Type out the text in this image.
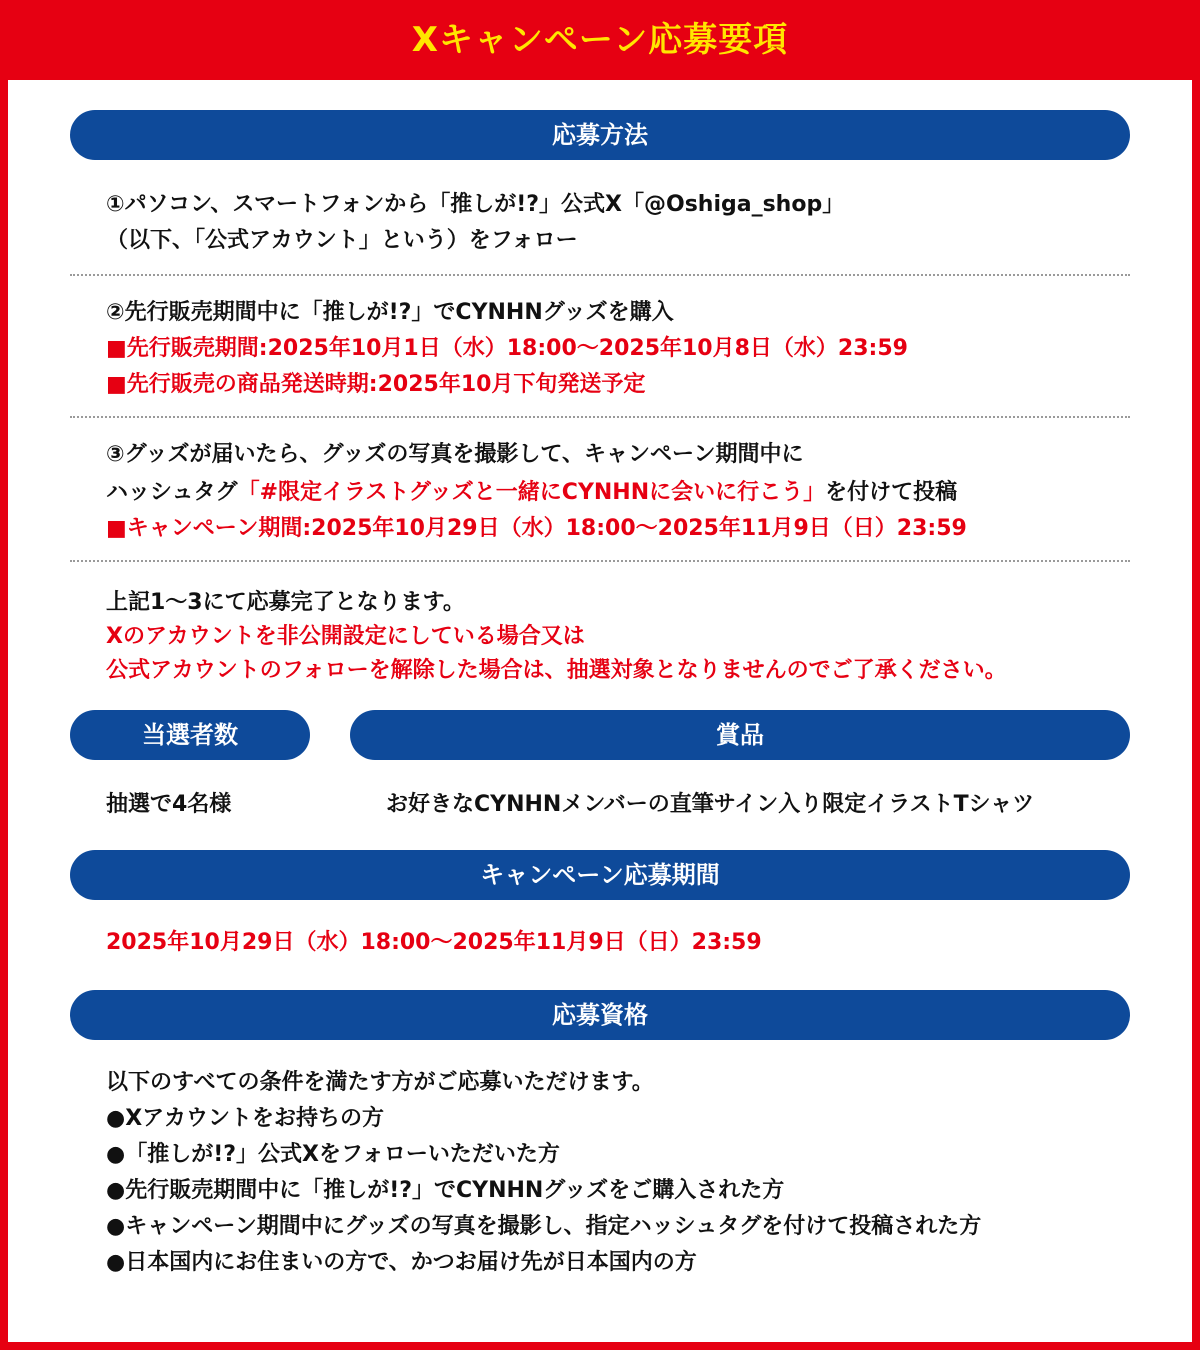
Xキャンペーン応募要項
応募方法
①パソコン、スマートフォンから「推しが!?」公式X「@Oshiga_shop」
（以下、「公式アカウント」という）をフォロー
②先行販売期間中に「推しが!?」でCYNHNグッズを購入
■先行販売期間:2025年10月1日（水）18:00〜2025年10月8日（水）23:59
■先行販売の商品発送時期:2025年10月下旬発送予定
③グッズが届いたら、グッズの写真を撮影して、キャンペーン期間中に
ハッシュタグ「#限定イラストグッズと一緒にCYNHNに会いに行こう」を付けて投稿
■キャンペーン期間:2025年10月29日（水）18:00〜2025年11月9日（日）23:59
上記1〜3にて応募完了となります。
Xのアカウントを非公開設定にしている場合又は
公式アカウントのフォローを解除した場合は、抽選対象となりませんのでご了承ください。
当選者数	賞品
抽選で4名様	お好きなCYNHNメンバーの直筆サイン入り限定イラストTシャツ
キャンペーン応募期間
2025年10月29日（水）18:00〜2025年11月9日（日）23:59
応募資格
以下のすべての条件を満たす方がご応募いただけます。
●Xアカウントをお持ちの方
●「推しが!?」公式Xをフォローいただいた方
●先行販売期間中に「推しが!?」でCYNHNグッズをご購入された方
●キャンペーン期間中にグッズの写真を撮影し、指定ハッシュタグを付けて投稿された方
●日本国内にお住まいの方で、かつお届け先が日本国内の方
